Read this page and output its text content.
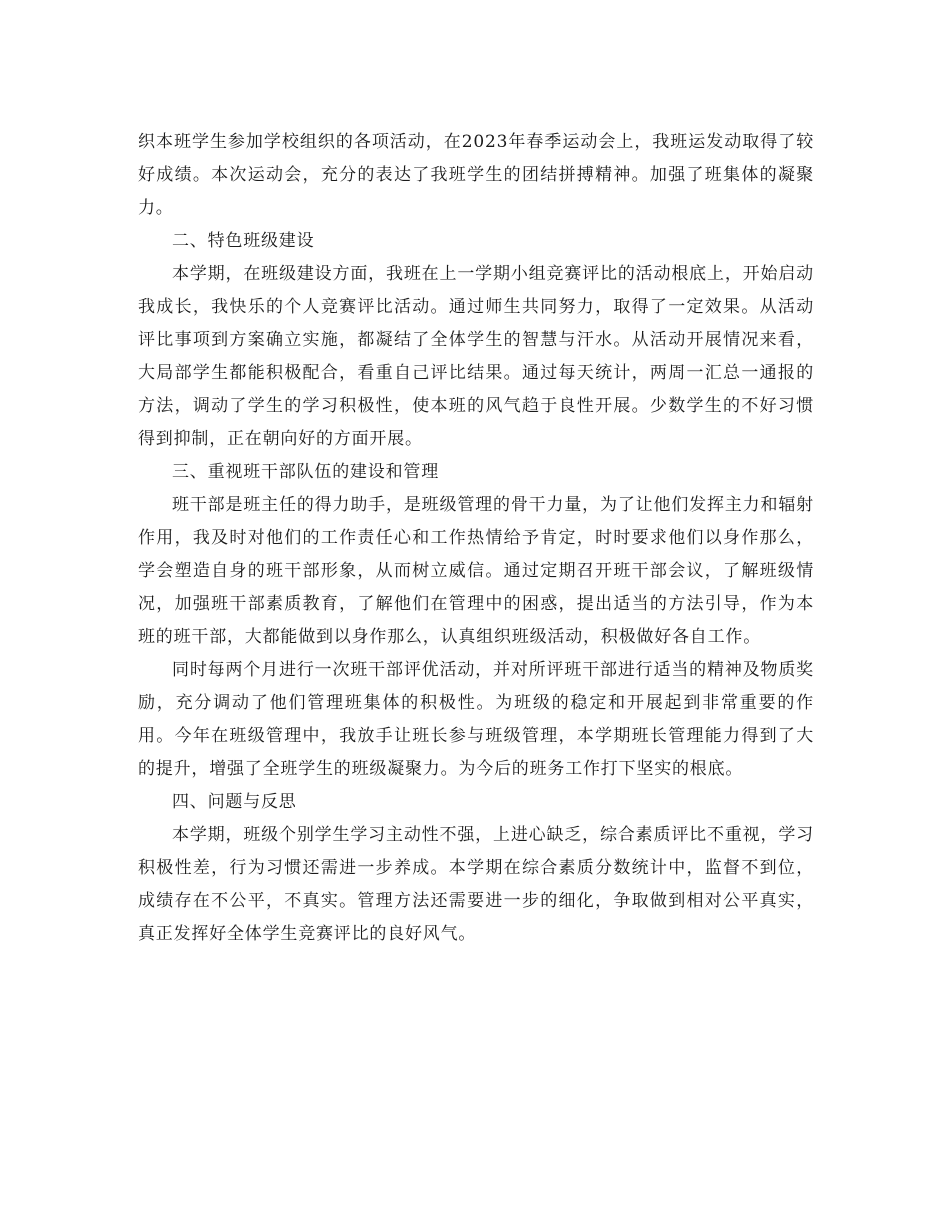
织本班学生参加学校组织的各项活动，在2023年春季运动会上，我班运发动取得了较好成绩。本次运动会，充分的表达了我班学生的团结拼搏精神。加强了班集体的凝聚力。

二、特色班级建设

本学期，在班级建设方面，我班在上一学期小组竞赛评比的活动根底上，开始启动我成长，我快乐的个人竞赛评比活动。通过师生共同努力，取得了一定效果。从活动评比事项到方案确立实施，都凝结了全体学生的智慧与汗水。从活动开展情况来看，大局部学生都能积极配合，看重自己评比结果。通过每天统计，两周一汇总一通报的方法，调动了学生的学习积极性，使本班的风气趋于良性开展。少数学生的不好习惯得到抑制，正在朝向好的方面开展。

三、重视班干部队伍的建设和管理

班干部是班主任的得力助手，是班级管理的骨干力量，为了让他们发挥主力和辐射作用，我及时对他们的工作责任心和工作热情给予肯定，时时要求他们以身作那么，学会塑造自身的班干部形象，从而树立威信。通过定期召开班干部会议，了解班级情况，加强班干部素质教育，了解他们在管理中的困惑，提出适当的方法引导，作为本班的班干部，大都能做到以身作那么，认真组织班级活动，积极做好各自工作。

同时每两个月进行一次班干部评优活动，并对所评班干部进行适当的精神及物质奖励，充分调动了他们管理班集体的积极性。为班级的稳定和开展起到非常重要的作用。今年在班级管理中，我放手让班长参与班级管理，本学期班长管理能力得到了大的提升，增强了全班学生的班级凝聚力。为今后的班务工作打下坚实的根底。

四、问题与反思

本学期，班级个别学生学习主动性不强，上进心缺乏，综合素质评比不重视，学习积极性差，行为习惯还需进一步养成。本学期在综合素质分数统计中，监督不到位，成绩存在不公平，不真实。管理方法还需要进一步的细化，争取做到相对公平真实，真正发挥好全体学生竞赛评比的良好风气。
